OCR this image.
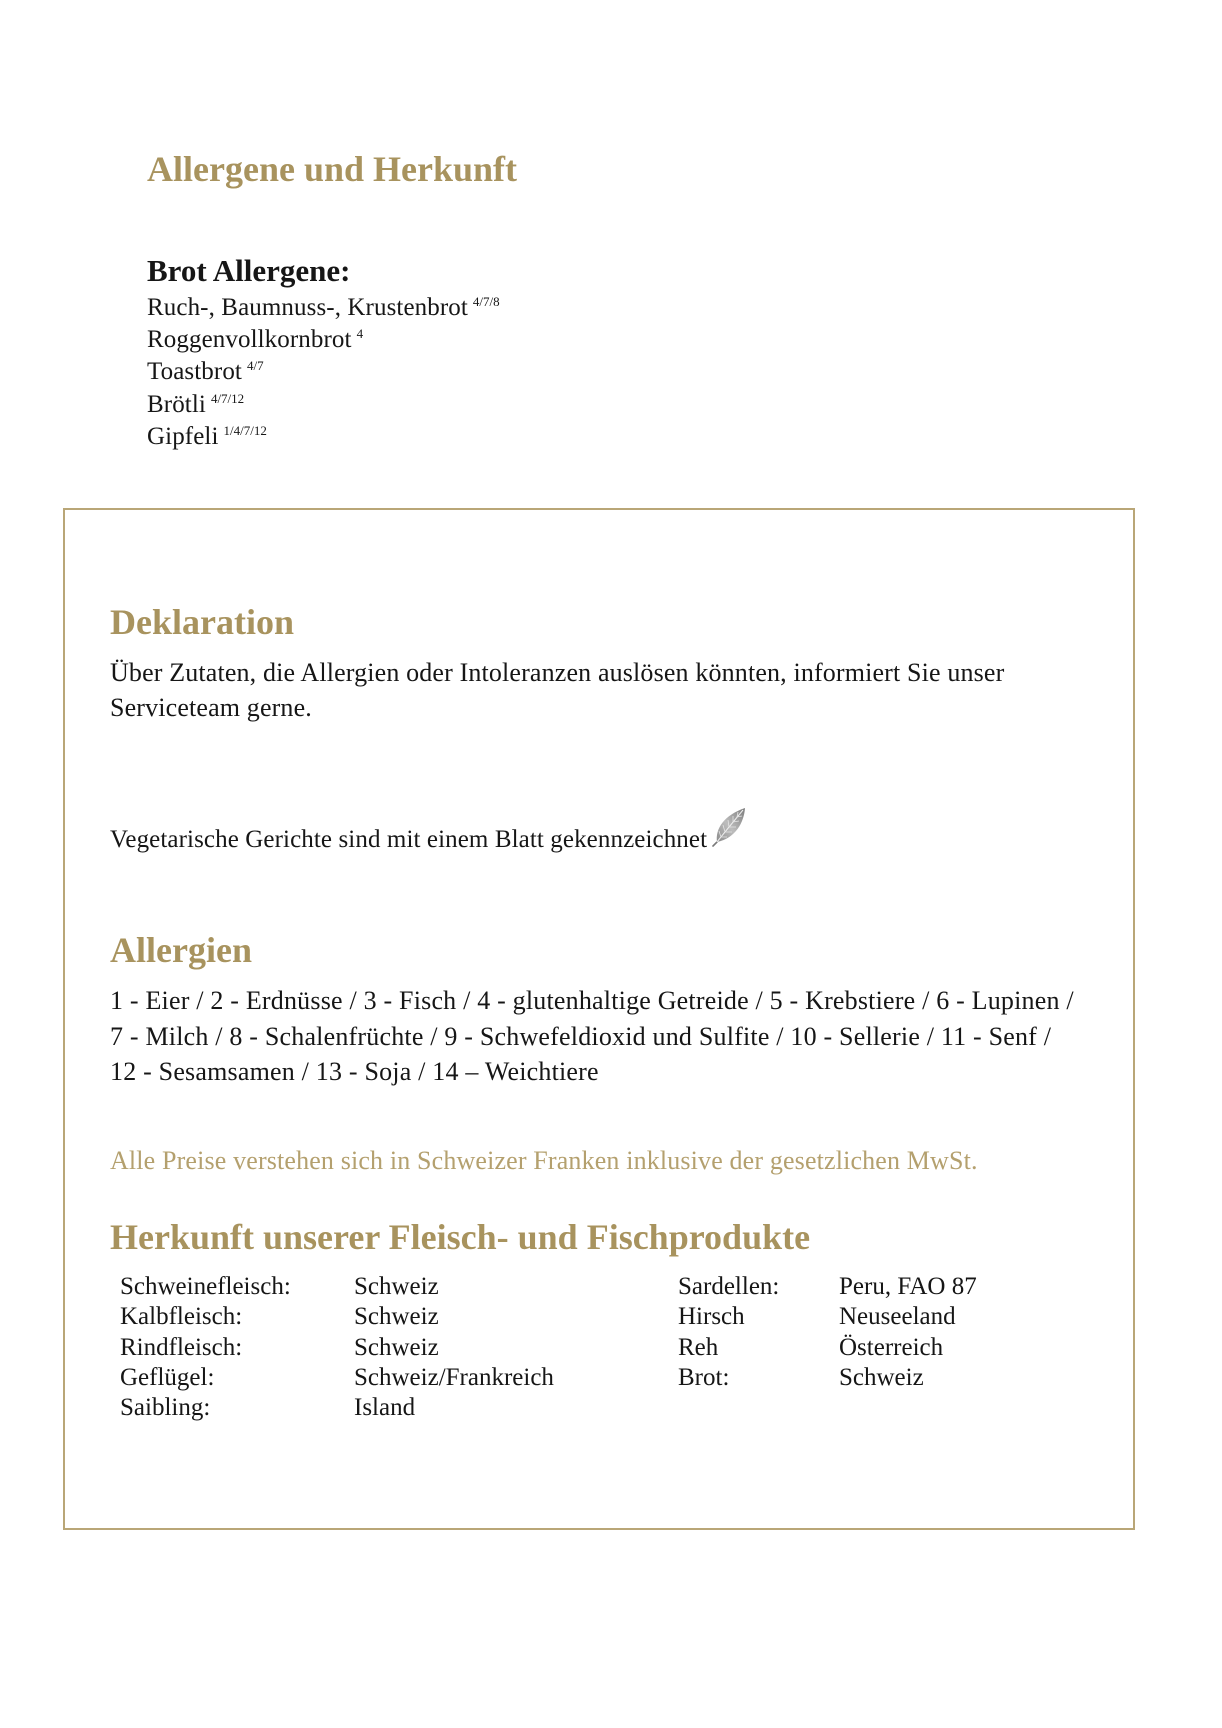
Allergene und Herkunft
Brot Allergene:
Ruch-, Baumnuss-, Krustenbrot $^{4/7/8}$
Roggenvollkornbrot $^4$
Toastbrot $^{4/7}$
Brötli $^{4/7/12}$
Gipfeli $^{1/4/7/12}$
Deklaration
Über Zutaten, die Allergien oder Intoleranzen auslösen könnten, informiert Sie unser
Serviceteam gerne.
Vegetarische Gerichte sind mit einem Blatt gekennzeichnet
Allergien
1 - Eier / 2 - Erdnüsse / 3 - Fisch / 4 - glutenhaltige Getreide / 5 - Krebstiere / 6 - Lupinen /
7 - Milch / 8 - Schalenfrüchte / 9 - Schwefeldioxid und Sulfite / 10 - Sellerie / 11 - Senf /
12 - Sesamsamen / 13 - Soja / 14 – Weichtiere

Alle Preise verstehen sich in Schweizer Franken inklusive der gesetzlichen MwSt.

Herkunft unserer Fleisch- und Fischprodukte
Schweinefleisch:	Schweiz
Kalbfleisch:	Schweiz
Rindfleisch:	Schweiz
Geflügel:	Schweiz/Frankreich
Saibling:	Island
Sardellen:	Peru, FAO 87
Hirsch	Neuseeland
Reh	Österreich
Brot:	Schweiz
